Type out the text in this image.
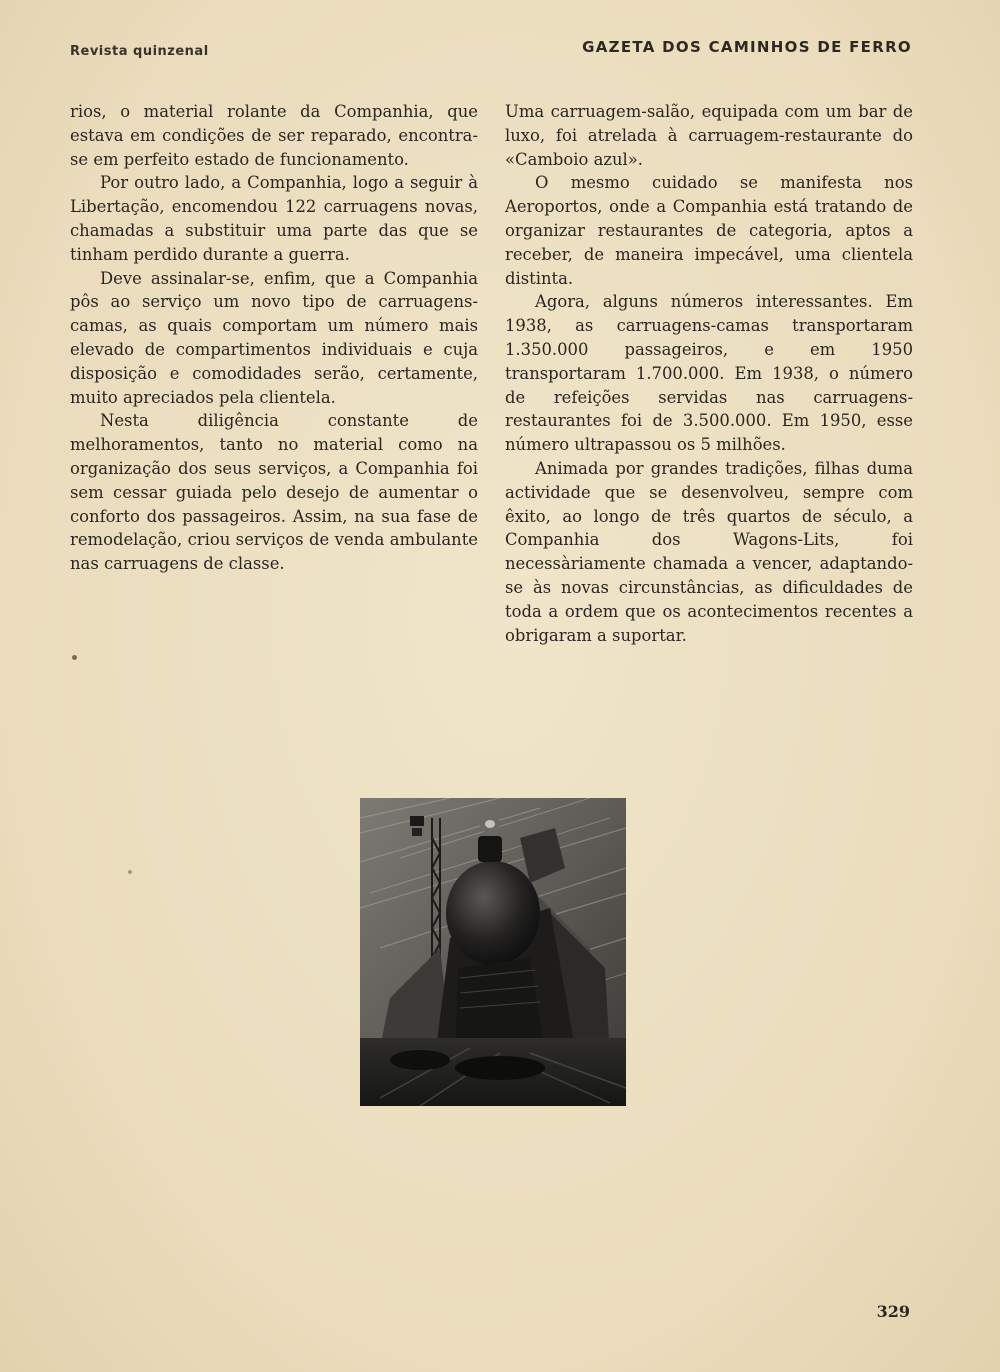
Revista quinzenal	GAZETA DOS CAMINHOS DE FERRO

rios, o material rolante da Companhia, que estava em condições de ser reparado, encontra-se em perfeito estado de funcionamento.

Por outro lado, a Companhia, logo a seguir à Libertação, encomendou 122 carruagens novas, chamadas a substituir uma parte das que se tinham perdido durante a guerra.

Deve assinalar-se, enfim, que a Companhia pôs ao serviço um novo tipo de carruagens-camas, as quais comportam um número mais elevado de compartimentos individuais e cuja disposição e comodidades serão, certamente, muito apreciados pela clientela.

Nesta diligência constante de melhoramentos, tanto no material como na organização dos seus serviços, a Companhia foi sem cessar guiada pelo desejo de aumentar o conforto dos passageiros. Assim, na sua fase de remodelação, criou serviços de venda ambulante nas carruagens de classe.

Uma carruagem-salão, equipada com um bar de luxo, foi atrelada à carruagem-restaurante do «Camboio azul».

O mesmo cuidado se manifesta nos Aeroportos, onde a Companhia está tratando de organizar restaurantes de categoria, aptos a receber, de maneira impecável, uma clientela distinta.

Agora, alguns números interessantes. Em 1938, as carruagens-camas transportaram 1.350.000 passageiros, e em 1950 transportaram 1.700.000. Em 1938, o número de refeições servidas nas carruagens-restaurantes foi de 3.500.000. Em 1950, esse número ultrapassou os 5 milhões.

Animada por grandes tradições, filhas duma actividade que se desenvolveu, sempre com êxito, ao longo de três quartos de século, a Companhia dos Wagons-Lits, foi necessàriamente chamada a vencer, adaptando-se às novas circunstâncias, as dificuldades de toda a ordem que os acontecimentos recentes a obrigaram a suportar.

329
